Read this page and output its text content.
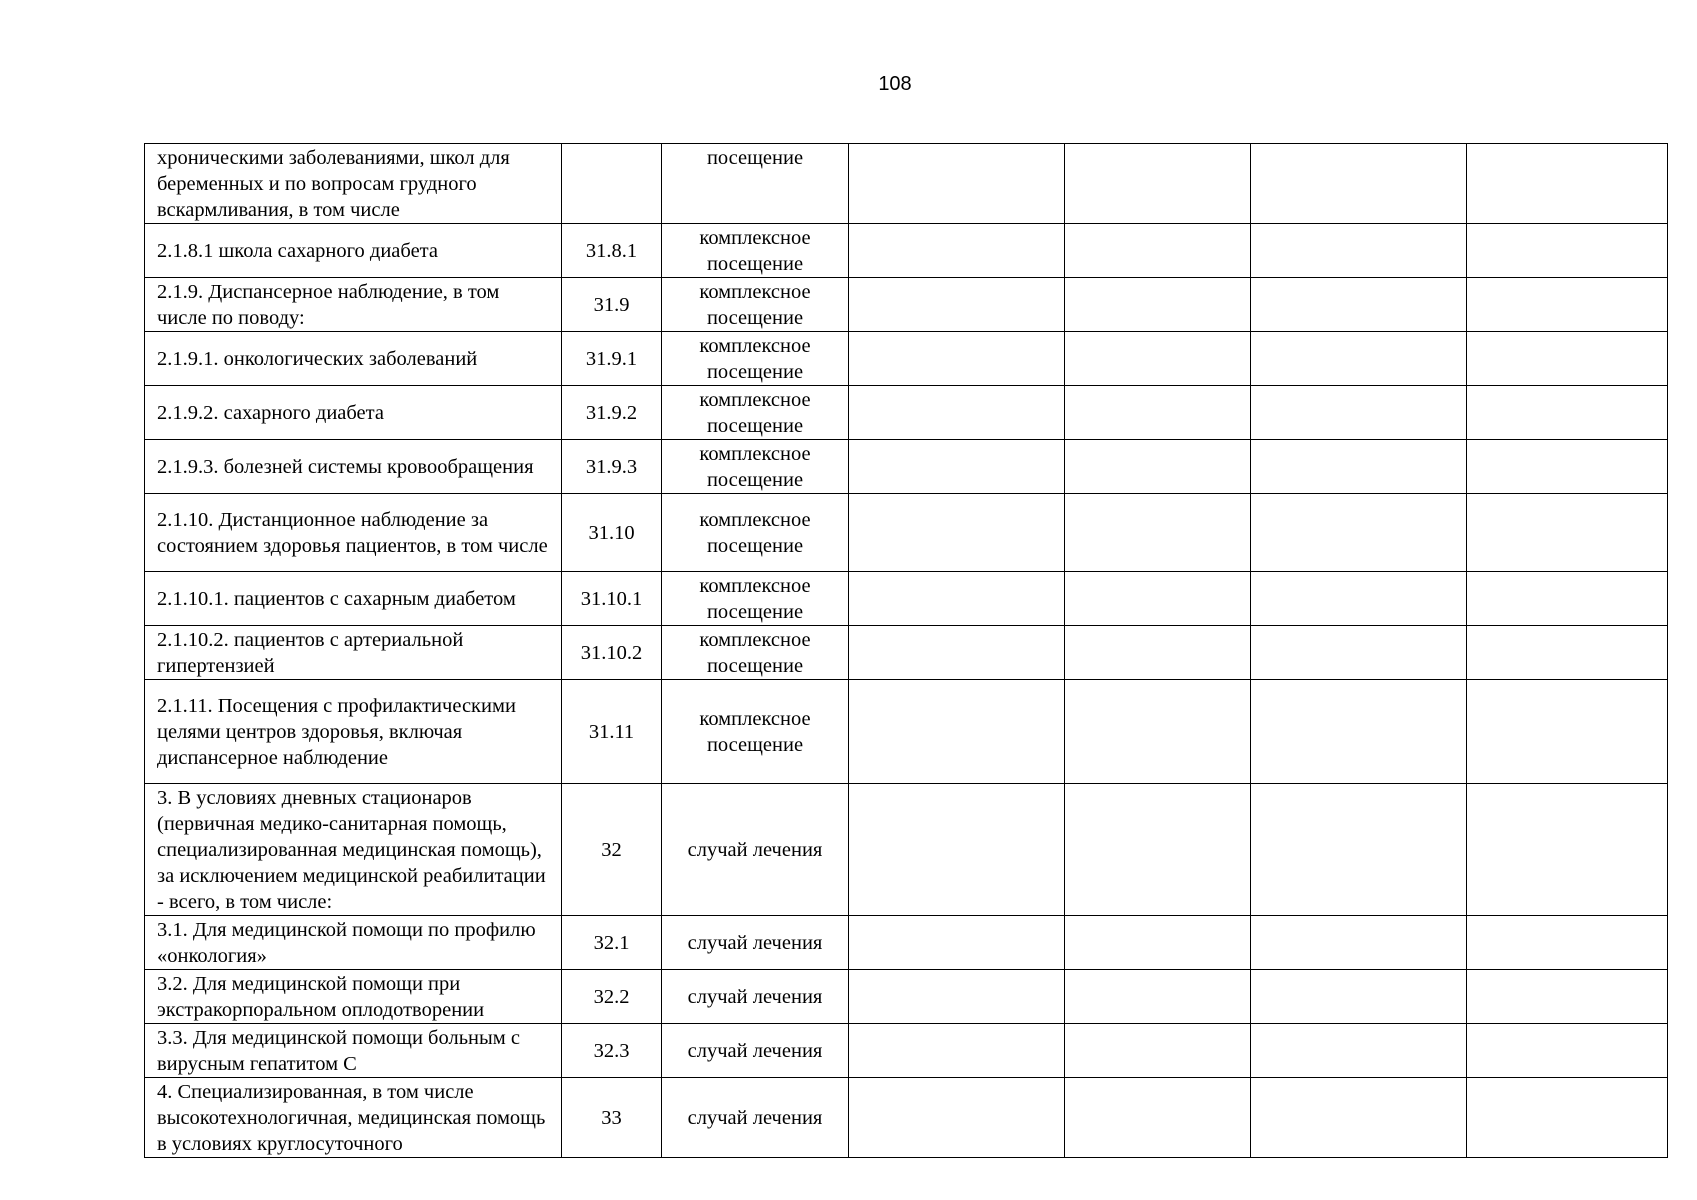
108
хроническими заболеваниями, школ для беременных и по вопросам грудного вскармливания, в том числе		посещение				
2.1.8.1 школа сахарного диабета	31.8.1	комплексное посещение				
2.1.9. Диспансерное наблюдение, в том числе по поводу:	31.9	комплексное посещение				
2.1.9.1. онкологических заболеваний	31.9.1	комплексное посещение				
2.1.9.2. сахарного диабета	31.9.2	комплексное посещение				
2.1.9.3. болезней системы кровообращения	31.9.3	комплексное посещение				
2.1.10. Дистанционное наблюдение за состоянием здоровья пациентов, в том числе	31.10	комплексное посещение				
2.1.10.1. пациентов с сахарным диабетом	31.10.1	комплексное посещение				
2.1.10.2. пациентов с артериальной гипертензией	31.10.2	комплексное посещение				
2.1.11. Посещения с профилактическими целями центров здоровья, включая диспансерное наблюдение	31.11	комплексное посещение				
3. В условиях дневных стационаров (первичная медико-санитарная помощь, специализированная медицинская помощь), за исключением медицинской реабилитации - всего, в том числе:	32	случай лечения				
3.1. Для медицинской помощи по профилю «онкология»	32.1	случай лечения				
3.2. Для медицинской помощи при экстракорпоральном оплодотворении	32.2	случай лечения				
3.3. Для медицинской помощи больным с вирусным гепатитом С	32.3	случай лечения				
4. Специализированная, в том числе высокотехнологичная, медицинская помощь в условиях круглосуточного	33	случай лечения				
